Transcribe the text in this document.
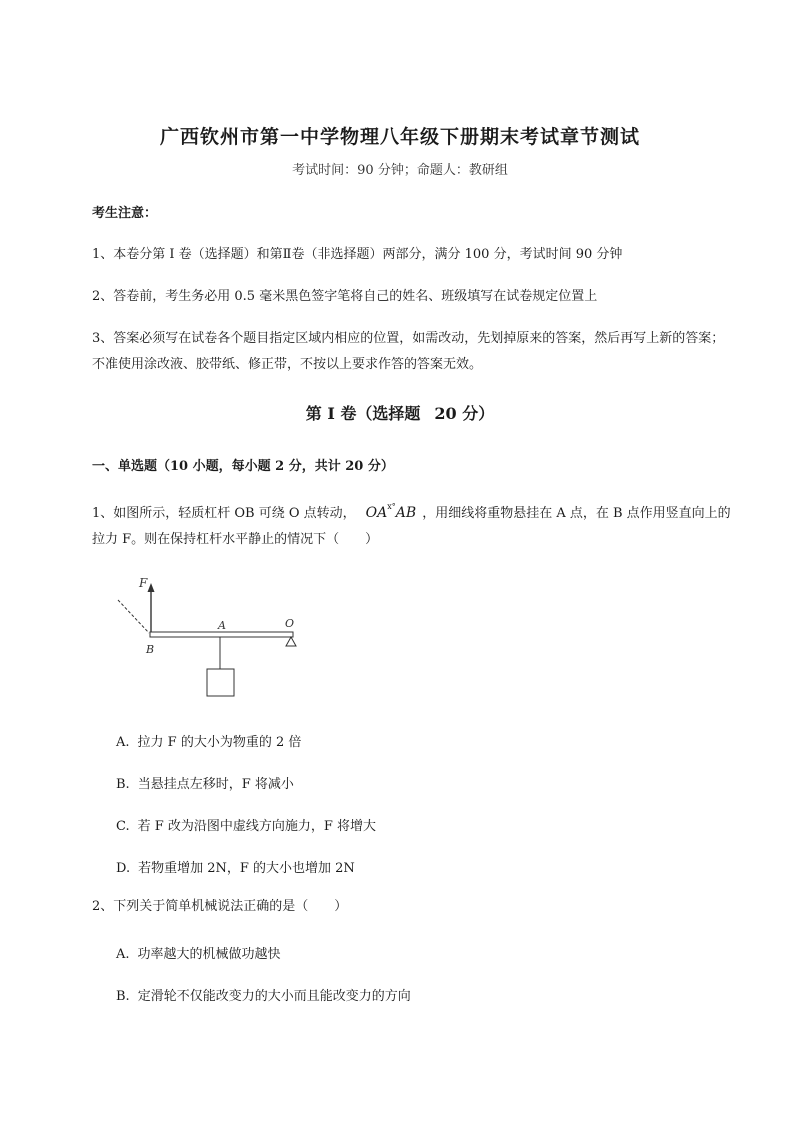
广西钦州市第一中学物理八年级下册期末考试章节测试
考试时间：90 分钟；命题人：教研组
考生注意：
1、本卷分第 I 卷（选择题）和第Ⅱ卷（非选择题）两部分，满分 100 分，考试时间 90 分钟
2、答卷前，考生务必用 0.5 毫米黑色签字笔将自己的姓名、班级填写在试卷规定位置上
3、答案必须写在试卷各个题目指定区域内相应的位置，如需改动，先划掉原来的答案，然后再写上新的答案；不准使用涂改液、胶带纸、修正带，不按以上要求作答的答案无效。
第 I 卷（选择题 20 分）
一、单选题（10 小题，每小题 2 分，共计 20 分）
1、如图所示，轻质杠杆 OB 可绕 O 点转动， $OA^{ⅹ^\circ}AB$ ，用细线将重物悬挂在 A 点，在 B 点作用竖直向上的拉力 F。则在保持杠杆水平静止的情况下（　　）
F
O
A
B
A. 拉力 F 的大小为物重的 2 倍
B. 当悬挂点左移时，F 将减小
C. 若 F 改为沿图中虚线方向施力，F 将增大
D. 若物重增加 2N，F 的大小也增加 2N
2、下列关于简单机械说法正确的是（　　）
A. 功率越大的机械做功越快
B. 定滑轮不仅能改变力的大小而且能改变力的方向
